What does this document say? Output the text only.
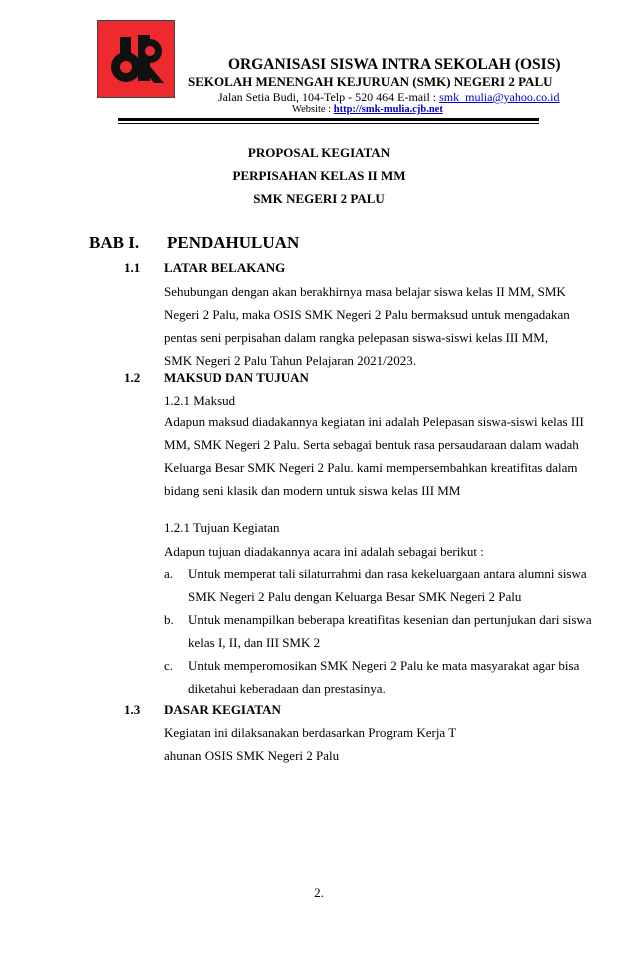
ORGANISASI SISWA INTRA SEKOLAH (OSIS)
SEKOLAH MENENGAH KEJURUAN (SMK) NEGERI 2 PALU
Jalan Setia Budi, 104-Telp - 520 464 E-mail : smk_mulia@yahoo.co.id
Website : http://smk-mulia.cjb.net
PROPOSAL KEGIATAN
PERPISAHAN KELAS II MM
SMK NEGERI 2 PALU
BAB I. PENDAHULUAN
1.1 LATAR BELAKANG
Sehubungan dengan akan berakhirnya masa belajar siswa kelas II MM, SMK
Negeri 2 Palu, maka OSIS SMK Negeri 2 Palu bermaksud untuk mengadakan
pentas seni perpisahan dalam rangka pelepasan siswa-siswi kelas III MM,
SMK Negeri 2 Palu Tahun Pelajaran 2021/2023.
1.2 MAKSUD DAN TUJUAN
1.2.1 Maksud
Adapun maksud diadakannya kegiatan ini adalah Pelepasan siswa-siswi kelas III
MM, SMK Negeri 2 Palu. Serta sebagai bentuk rasa persaudaraan dalam wadah
Keluarga Besar SMK Negeri 2 Palu. kami mempersembahkan kreatifitas dalam
bidang seni klasik dan modern untuk siswa kelas III MM
1.2.1 Tujuan Kegiatan
Adapun tujuan diadakannya acara ini adalah sebagai berikut :
a. Untuk memperat tali silaturrahmi dan rasa kekeluargaan antara alumni siswa
SMK Negeri 2 Palu dengan Keluarga Besar SMK Negeri 2 Palu
b. Untuk menampilkan beberapa kreatifitas kesenian dan pertunjukan dari siswa
kelas I, II, dan III SMK 2
c. Untuk memperomosikan SMK Negeri 2 Palu ke mata masyarakat agar bisa
diketahui keberadaan dan prestasinya.
1.3 DASAR KEGIATAN
Kegiatan ini dilaksanakan berdasarkan Program Kerja T
ahunan OSIS SMK Negeri 2 Palu
2.
